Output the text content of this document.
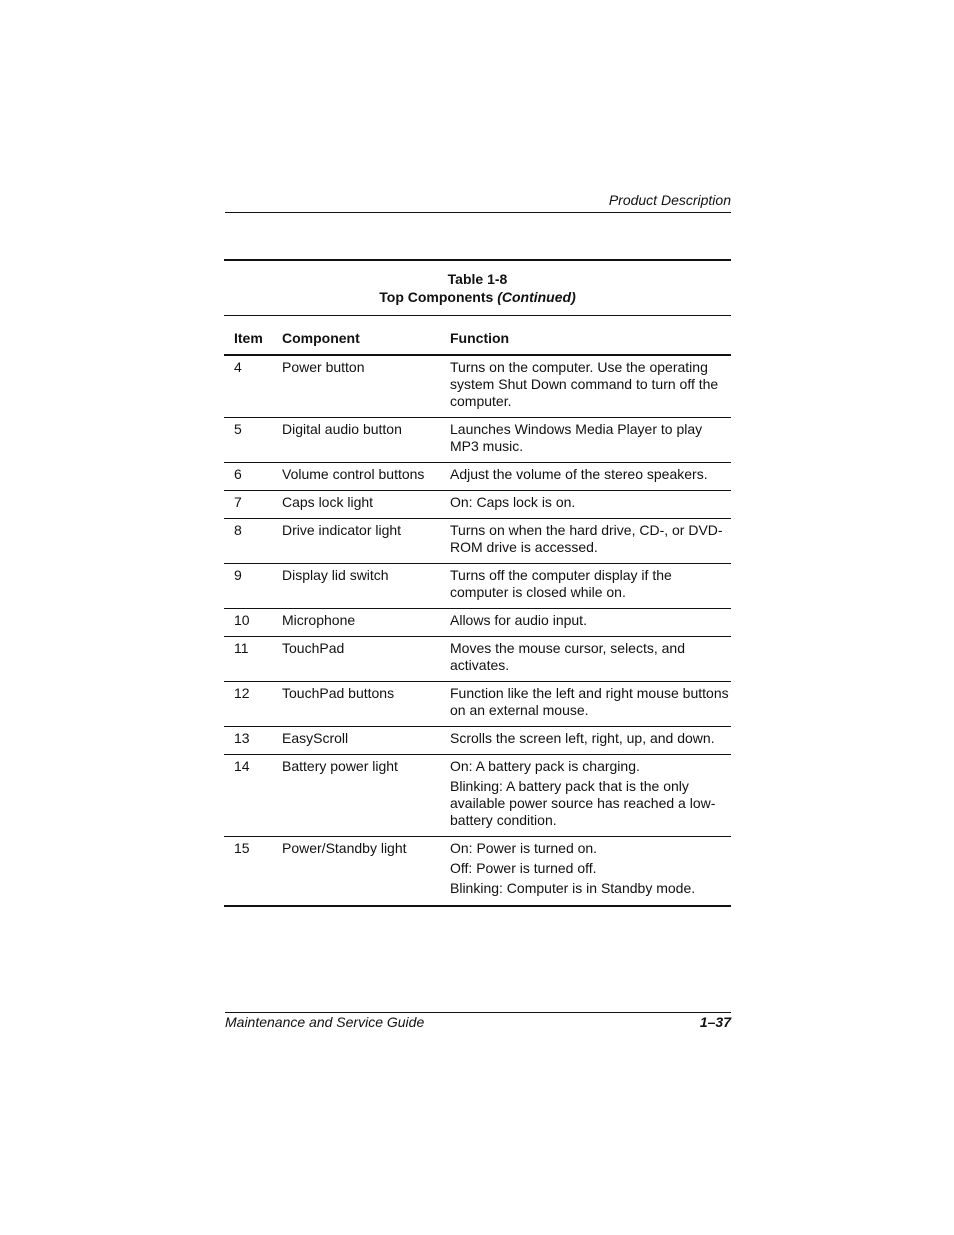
Product Description
Table 1-8
Top Components (Continued)
Item	Component	Function
4	Power button	Turns on the computer. Use the operating system Shut Down command to turn off the computer.

5	Digital audio button	Launches Windows Media Player to play MP3 music.

6	Volume control buttons	Adjust the volume of the stereo speakers.

7	Caps lock light	On: Caps lock is on.

8	Drive indicator light	Turns on when the hard drive, CD-, or DVD-ROM drive is accessed.

9	Display lid switch	Turns off the computer display if the computer is closed while on.

10	Microphone	Allows for audio input.

11	TouchPad	Moves the mouse cursor, selects, and activates.

12	TouchPad buttons	Function like the left and right mouse buttons on an external mouse.

13	EasyScroll	Scrolls the screen left, right, up, and down.

14	Battery power light	On: A battery pack is charging.
Blinking: A battery pack that is the only available power source has reached a low-battery condition.

15	Power/Standby light	On: Power is turned on.
Off: Power is turned off.
Blinking: Computer is in Standby mode.
Maintenance and Service Guide	1–37
